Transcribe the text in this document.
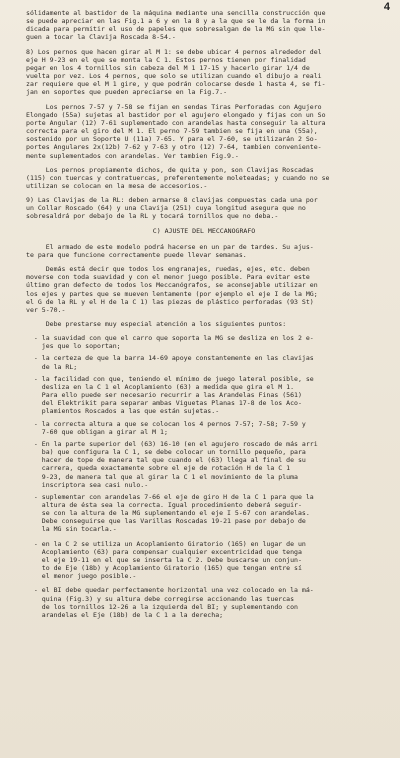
4
sólidamente al bastidor de la máquina mediante una sencilla construcción que
se puede apreciar en las Fig.1 a 6 y en la 8 y a la que se le da la forma in
dicada para permitir el uso de papeles que sobresalgan de la MG sin que lle-
guen a tocar la Clavija Roscada 8-54.-
8) Los pernos que hacen girar al M 1: se debe ubicar 4 pernos alrededor del
eje H 9-23 en el que se monta la C 1. Estos pernos tienen por finalidad
pegar en los 4 tornillos sin cabeza del M 1 17-15 y hacerlo girar 1/4 de
vuelta por vez. Los 4 pernos, que solo se utilizan cuando el dibujo a reali
zar requiere que el M 1 gire, y que podrán colocarse desde 1 hasta 4, se fi-
jan en soportes que pueden apreciarse en la Fig.7.-
Los pernos 7-57 y 7-58 se fijan en sendas Tiras Perforadas con Agujero
Elongado (55a) sujetas al bastidor por el agujero elongado y fijas con un So
porte Angular (12) 7-61 suplementado con arandelas hasta conseguir la altura
correcta para el giro del M 1. El perno 7-59 tambien se fija en una (55a),
sostenido por un Soporte U (11a) 7-65. Y para el 7-60, se utilizarán 2 So-
portes Angulares 2x(12b) 7-62 y 7-63 y otro (12) 7-64, tambien conveniente-
mente suplementados con arandelas. Ver tambien Fig.9.-
Los pernos propiamente dichos, de quita y pon, son Clavijas Roscadas
(115) con tuercas y contratuercas, preferentemente moleteadas; y cuando no se
utilizan se colocan en la mesa de accesorios.-
9) Las Clavijas de la RL: deben armarse 8 clavijas compuestas cada una por
un Collar Roscado (64) y una Clavija (251) cuya longitud asegura que no
sobresaldrá por debajo de la RL y tocará tornillos que no deba.-
C) AJUSTE DEL MECCANOGRAFO
El armado de este modelo podrá hacerse en un par de tardes. Su ajus-
te para que funcione correctamente puede llevar semanas.
Demás está decir que todos los engranajes, ruedas, ejes, etc. deben
moverse con toda suavidad y con el menor juego posible. Para evitar este
último gran defecto de todos los Meccanógrafos, se aconsejable utilizar en
los ejes y partes que se mueven lentamente (por ejemplo el eje I de la MG;
el G de la RL y el H de la C 1) las piezas de plástico perforadas (93 St)
ver 5-70.-
Debe prestarse muy especial atención a los siguientes puntos:
- la suavidad con que el carro que soporta la MG se desliza en los 2 e-
jes que lo soportan;
- la certeza de que la barra 14-69 apoye constantemente en las clavijas
de la RL;
- la facilidad con que, teniendo el mínimo de juego lateral posible, se
desliza en la C 1 el Acoplamiento (63) a medida que gira el M 1.
Para ello puede ser necesario recurrir a las Arandelas Finas (561)
del Elektrikit para separar ambas Viguetas Planas 17-8 de los Aco-
plamientos Roscados a las que están sujetas.-
- la correcta altura a que se colocan los 4 pernos 7-57; 7-58; 7-59 y
7-60 que obligan a girar al M 1;
- En la parte superior del (63) 16-10 (en el agujero roscado de más arri
ba) que configura la C 1, se debe colocar un tornillo pequeño, para
hacer de tope de manera tal que cuando el (63) llega al final de su
carrera, queda exactamente sobre el eje de rotación H de la C 1
9-23, de manera tal que al girar la C 1 el movimiento de la pluma
inscriptora sea casi nulo.-
- suplementar con arandelas 7-66 el eje de giro H de la C 1 para que la
altura de ésta sea la correcta. Igual procedimiento deberá seguir-
se con la altura de la MG suplementando el eje I 5-67 con arandelas.
Debe conseguirse que las Varillas Roscadas 19-21 pase por debajo de
la MG sin tocarla.-
- en la C 2 se utiliza un Acoplamiento Giratorio (165) en lugar de un
Acoplamiento (63) para compensar cualquier excentricidad que tenga
el eje 19-11 en el que se inserta la C 2. Debe buscarse un conjun-
to de Eje (18b) y Acoplamiento Giratorio (165) que tengan entre sí
el menor juego posible.-
- el BI debe quedar perfectamente horizontal una vez colocado en la má-
quina (Fig.3) y su altura debe corregirse accionando las tuercas
de los tornillos 12-26 a la izquierda del BI; y suplementando con
arandelas el Eje (18b) de la C 1 a la derecha;
